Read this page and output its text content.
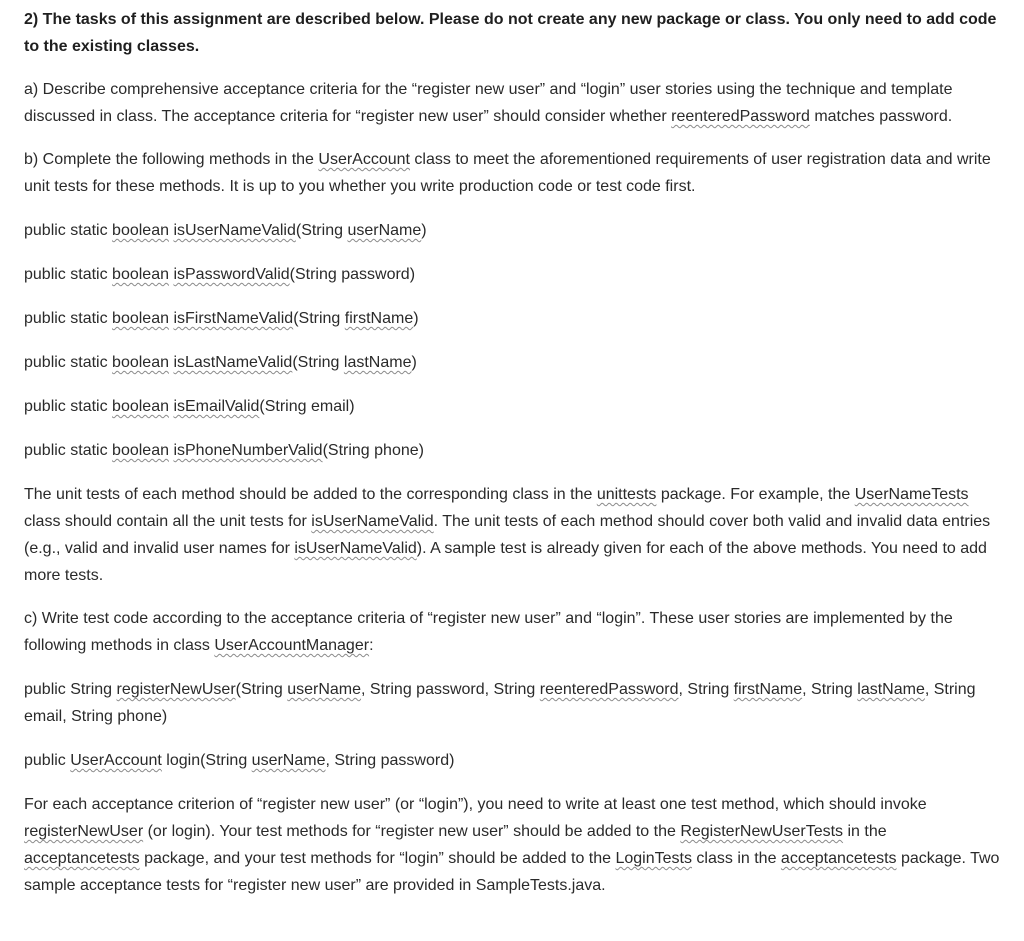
2) The tasks of this assignment are described below. Please do not create any new package or class. You only need to add code to the existing classes.

a) Describe comprehensive acceptance criteria for the “register new user” and “login” user stories using the technique and template discussed in class. The acceptance criteria for “register new user” should consider whether reenteredPassword matches password.

b) Complete the following methods in the UserAccount class to meet the aforementioned requirements of user registration data and write unit tests for these methods. It is up to you whether you write production code or test code first.

public static boolean isUserNameValid(String userName)

public static boolean isPasswordValid(String password)

public static boolean isFirstNameValid(String firstName)

public static boolean isLastNameValid(String lastName)

public static boolean isEmailValid(String email)

public static boolean isPhoneNumberValid(String phone)

The unit tests of each method should be added to the corresponding class in the unittests package. For example, the UserNameTests class should contain all the unit tests for isUserNameValid. The unit tests of each method should cover both valid and invalid data entries (e.g., valid and invalid user names for isUserNameValid). A sample test is already given for each of the above methods. You need to add more tests.

c) Write test code according to the acceptance criteria of “register new user” and “login”. These user stories are implemented by the following methods in class UserAccountManager:

public String registerNewUser(String userName, String password, String reenteredPassword, String firstName, String lastName, String email, String phone)

public UserAccount login(String userName, String password)

For each acceptance criterion of “register new user” (or “login”), you need to write at least one test method, which should invoke registerNewUser (or login). Your test methods for “register new user” should be added to the RegisterNewUserTests in the acceptancetests package, and your test methods for “login” should be added to the LoginTests class in the acceptancetests package. Two sample acceptance tests for “register new user” are provided in SampleTests.java.
